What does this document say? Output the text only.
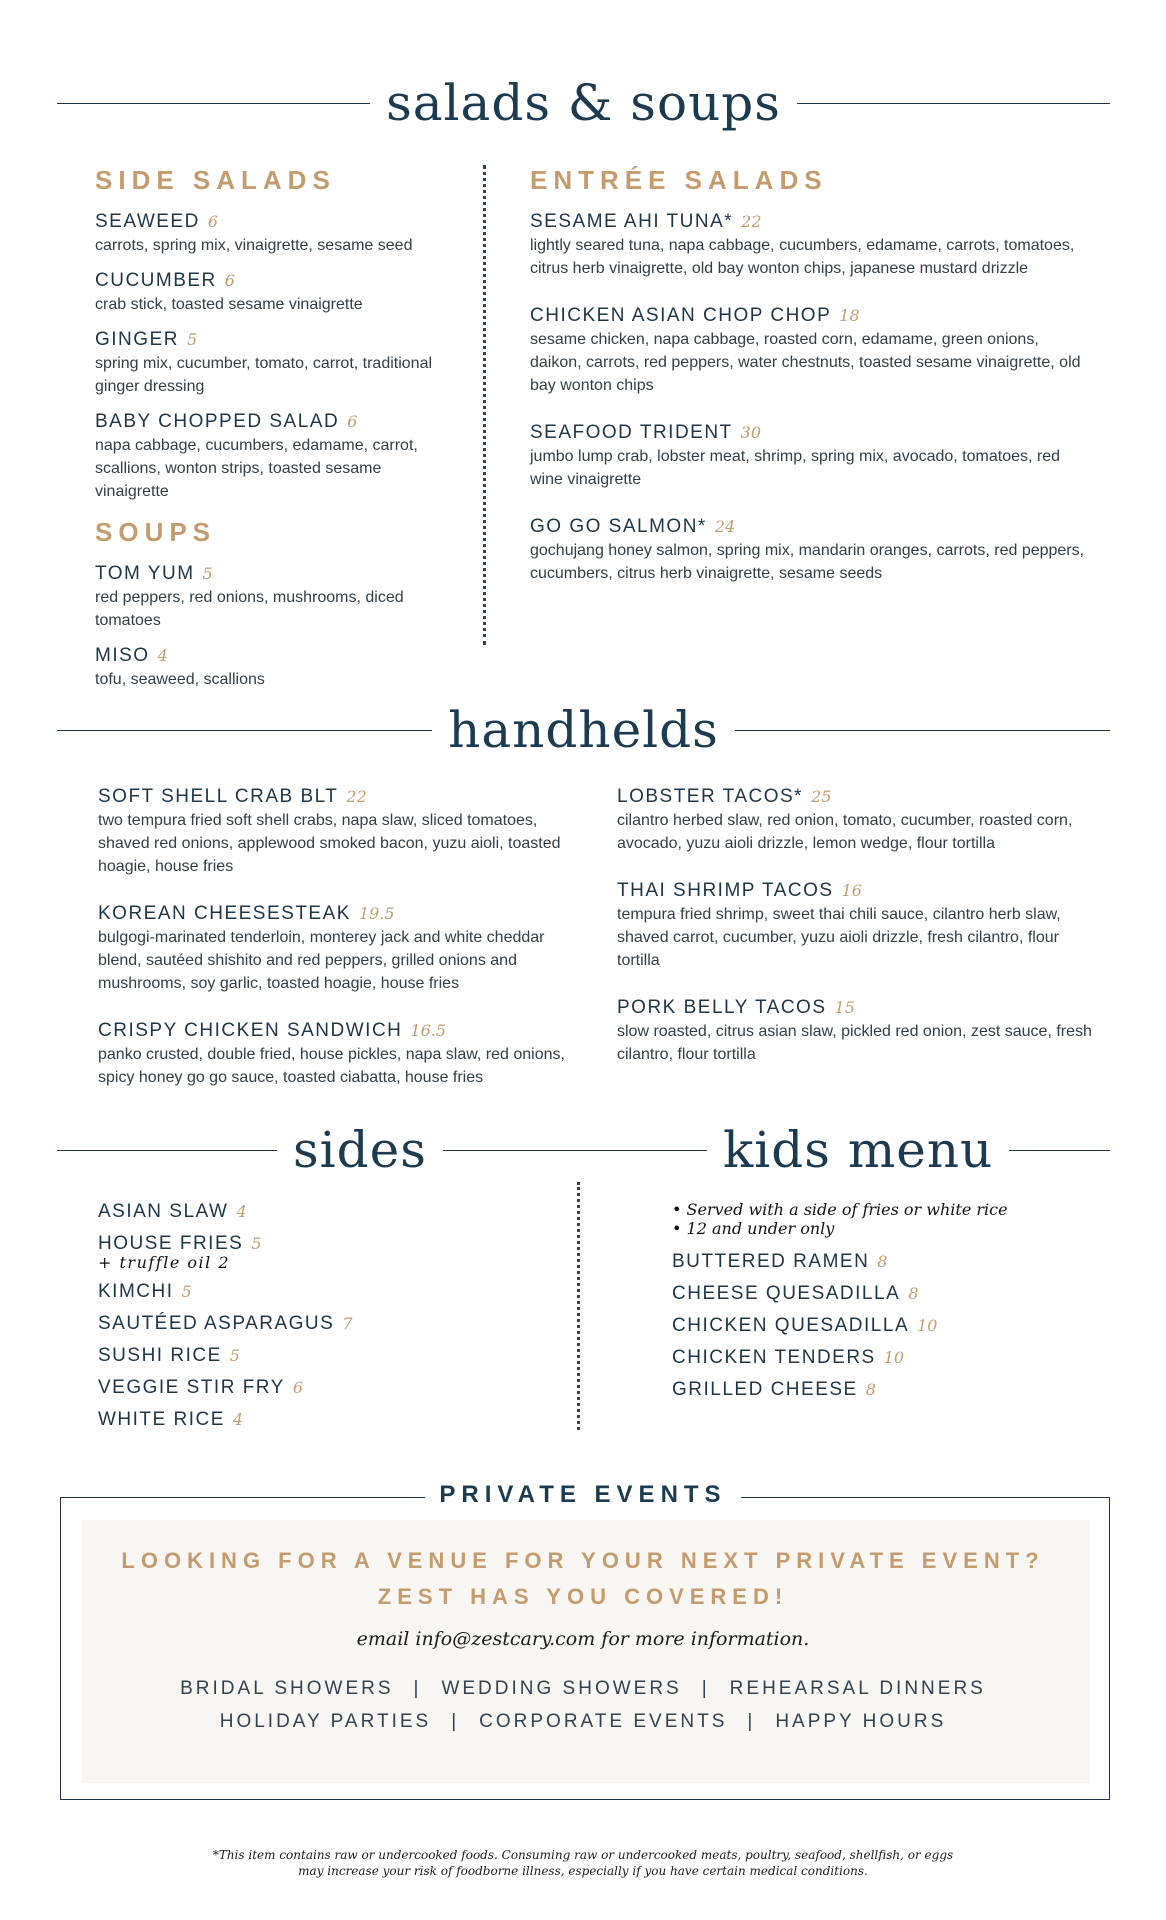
salads & soups
SIDE SALADS
SEAWEED 6
carrots, spring mix, vinaigrette, sesame seed
CUCUMBER 6
crab stick, toasted sesame vinaigrette
GINGER 5
spring mix, cucumber, tomato, carrot, traditional ginger dressing
BABY CHOPPED SALAD 6
napa cabbage, cucumbers, edamame, carrot, scallions, wonton strips, toasted sesame vinaigrette
SOUPS
TOM YUM 5
red peppers, red onions, mushrooms, diced tomatoes
MISO 4
tofu, seaweed, scallions
ENTRÉE SALADS
SESAME AHI TUNA* 22
lightly seared tuna, napa cabbage, cucumbers, edamame, carrots, tomatoes, citrus herb vinaigrette, old bay wonton chips, japanese mustard drizzle
CHICKEN ASIAN CHOP CHOP 18
sesame chicken, napa cabbage, roasted corn, edamame, green onions, daikon, carrots, red peppers, water chestnuts, toasted sesame vinaigrette, old bay wonton chips
SEAFOOD TRIDENT 30
jumbo lump crab, lobster meat, shrimp, spring mix, avocado, tomatoes, red wine vinaigrette
GO GO SALMON* 24
gochujang honey salmon, spring mix, mandarin oranges, carrots, red peppers, cucumbers, citrus herb vinaigrette, sesame seeds
handhelds
SOFT SHELL CRAB BLT 22
two tempura fried soft shell crabs, napa slaw, sliced tomatoes, shaved red onions, applewood smoked bacon, yuzu aioli, toasted hoagie, house fries
KOREAN CHEESESTEAK 19.5
bulgogi-marinated tenderloin, monterey jack and white cheddar blend, sautéed shishito and red peppers, grilled onions and mushrooms, soy garlic, toasted hoagie, house fries
CRISPY CHICKEN SANDWICH 16.5
panko crusted, double fried, house pickles, napa slaw, red onions, spicy honey go go sauce, toasted ciabatta, house fries
LOBSTER TACOS* 25
cilantro herbed slaw, red onion, tomato, cucumber, roasted corn, avocado, yuzu aioli drizzle, lemon wedge, flour tortilla
THAI SHRIMP TACOS 16
tempura fried shrimp, sweet thai chili sauce, cilantro herb slaw, shaved carrot, cucumber, yuzu aioli drizzle, fresh cilantro, flour tortilla
PORK BELLY TACOS 15
slow roasted, citrus asian slaw, pickled red onion, zest sauce, fresh cilantro, flour tortilla
sides	kids menu
ASIAN SLAW 4
HOUSE FRIES 5
+ truffle oil 2
KIMCHI 5
SAUTÉED ASPARAGUS 7
SUSHI RICE 5
VEGGIE STIR FRY 6
WHITE RICE 4
• Served with a side of fries or white rice
• 12 and under only
BUTTERED RAMEN 8
CHEESE QUESADILLA 8
CHICKEN QUESADILLA 10
CHICKEN TENDERS 10
GRILLED CHEESE 8
PRIVATE EVENTS
LOOKING FOR A VENUE FOR YOUR NEXT PRIVATE EVENT?
ZEST HAS YOU COVERED!
email info@zestcary.com for more information.
BRIDAL SHOWERS | WEDDING SHOWERS | REHEARSAL DINNERS
HOLIDAY PARTIES | CORPORATE EVENTS | HAPPY HOURS
*This item contains raw or undercooked foods. Consuming raw or undercooked meats, poultry, seafood, shellfish, or eggs
may increase your risk of foodborne illness, especially if you have certain medical conditions.
